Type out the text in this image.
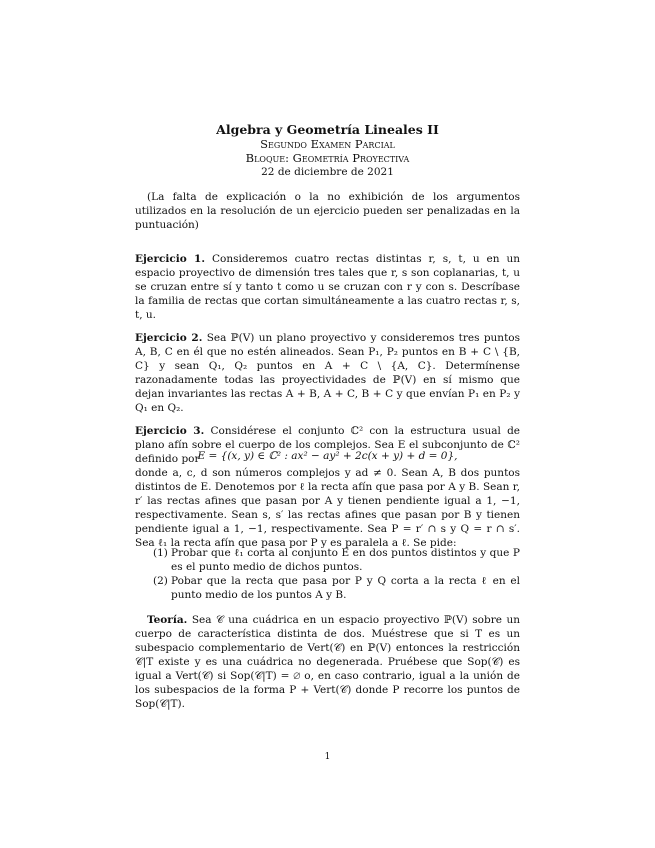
Algebra y Geometría Lineales II
Segundo Examen Parcial
Bloque: Geometría Proyectiva
22 de diciembre de 2021
(La falta de explicación o la no exhibición de los argumentos utilizados en la resolución de un ejercicio pueden ser penalizadas en la puntuación)
Ejercicio 1. Consideremos cuatro rectas distintas r, s, t, u en un espacio proyectivo de dimensión tres tales que r, s son coplanarias, t, u se cruzan entre sí y tanto t como u se cruzan con r y con s. Descríbase la familia de rectas que cortan simultáneamente a las cuatro rectas r, s, t, u.
Ejercicio 2. Sea ℙ(V) un plano proyectivo y consideremos tres puntos A, B, C en él que no estén alineados. Sean P₁, P₂ puntos en B + C \ {B, C} y sean Q₁, Q₂ puntos en A + C \ {A, C}. Determínense razonadamente todas las proyectividades de ℙ(V) en sí mismo que dejan invariantes las rectas A + B, A + C, B + C y que envían P₁ en P₂ y Q₁ en Q₂.
Ejercicio 3. Considérese el conjunto ℂ² con la estructura usual de plano afín sobre el cuerpo de los complejos. Sea E el subconjunto de ℂ² definido por
E = {(x, y) ∈ ℂ² : ax² − ay² + 2c(x + y) + d = 0},
donde a, c, d son números complejos y ad ≠ 0. Sean A, B dos puntos distintos de E. Denotemos por ℓ la recta afín que pasa por A y B. Sean r, r′ las rectas afines que pasan por A y tienen pendiente igual a 1, −1, respectivamente. Sean s, s′ las rectas afines que pasan por B y tienen pendiente igual a 1, −1, respectivamente. Sea P = r′ ∩ s y Q = r ∩ s′. Sea ℓ₁ la recta afín que pasa por P y es paralela a ℓ. Se pide:
(1) Probar que ℓ₁ corta al conjunto E en dos puntos distintos y que P es el punto medio de dichos puntos.
(2) Pobar que la recta que pasa por P y Q corta a la recta ℓ en el punto medio de los puntos A y B.
Teoría. Sea 𝒞 una cuádrica en un espacio proyectivo ℙ(V) sobre un cuerpo de característica distinta de dos. Muéstrese que si T es un subespacio complementario de Vert(𝒞) en ℙ(V) entonces la restricción 𝒞|T existe y es una cuádrica no degenerada. Pruébese que Sop(𝒞) es igual a Vert(𝒞) si Sop(𝒞|T) = ∅ o, en caso contrario, igual a la unión de los subespacios de la forma P + Vert(𝒞) donde P recorre los puntos de Sop(𝒞|T).
1
